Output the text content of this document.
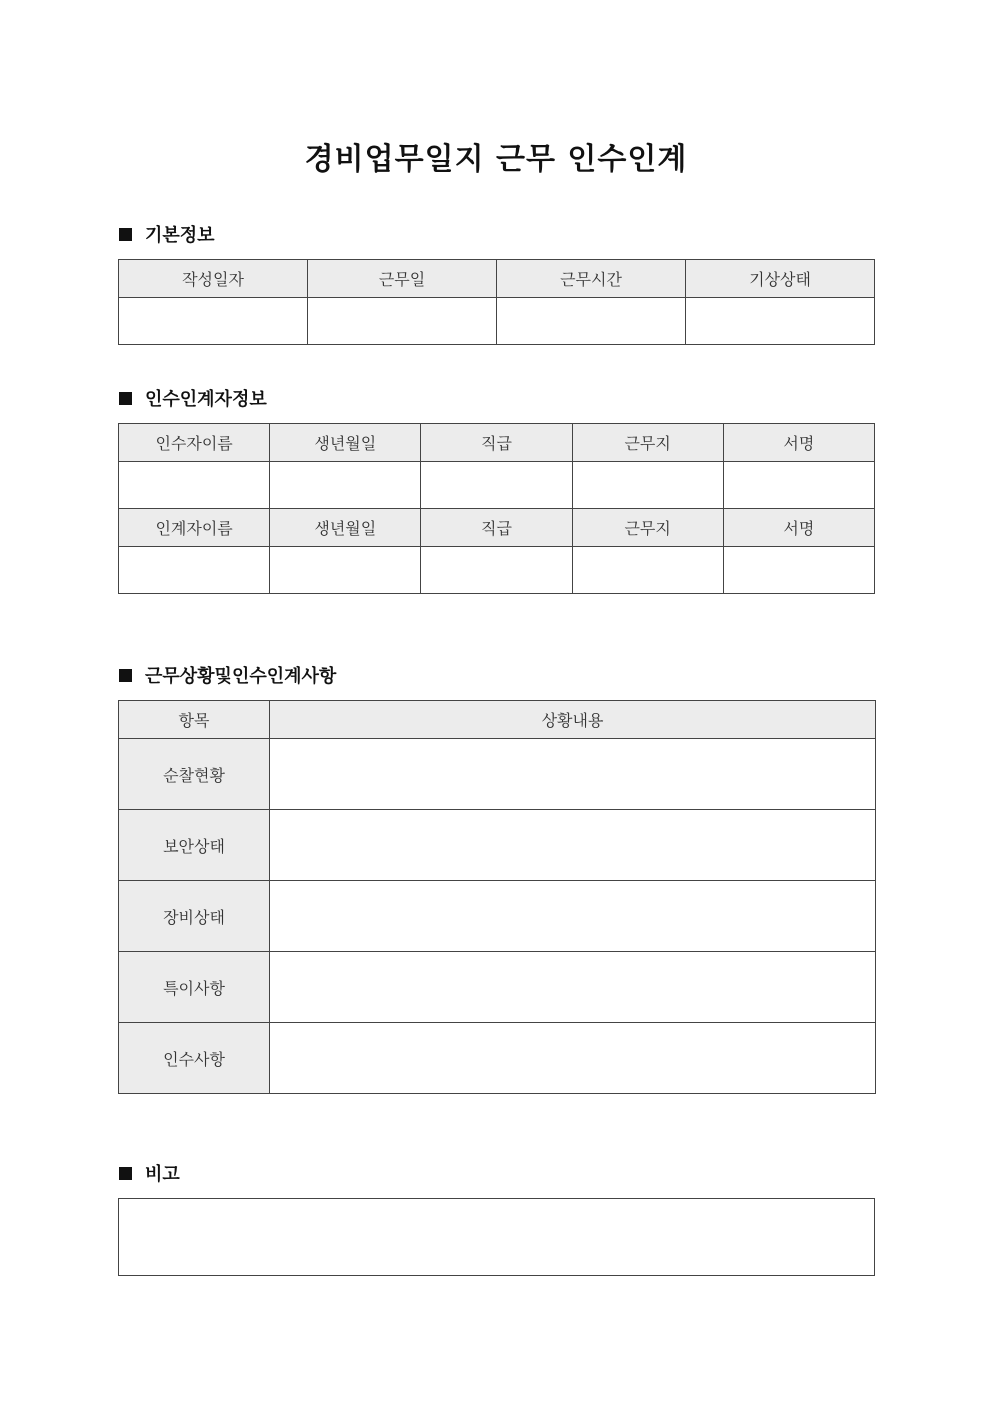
경비업무일지 근무 인수인계
기본정보
작성일자	근무일	근무시간	기상상태

인수인계자정보
인수자이름	생년월일	직급	근무지	서명

인계자이름	생년월일	직급	근무지	서명

근무상황및인수인계사항
항목	상황내용
순찰현황	
보안상태	
장비상태	
특이사항	
인수사항	
비고
